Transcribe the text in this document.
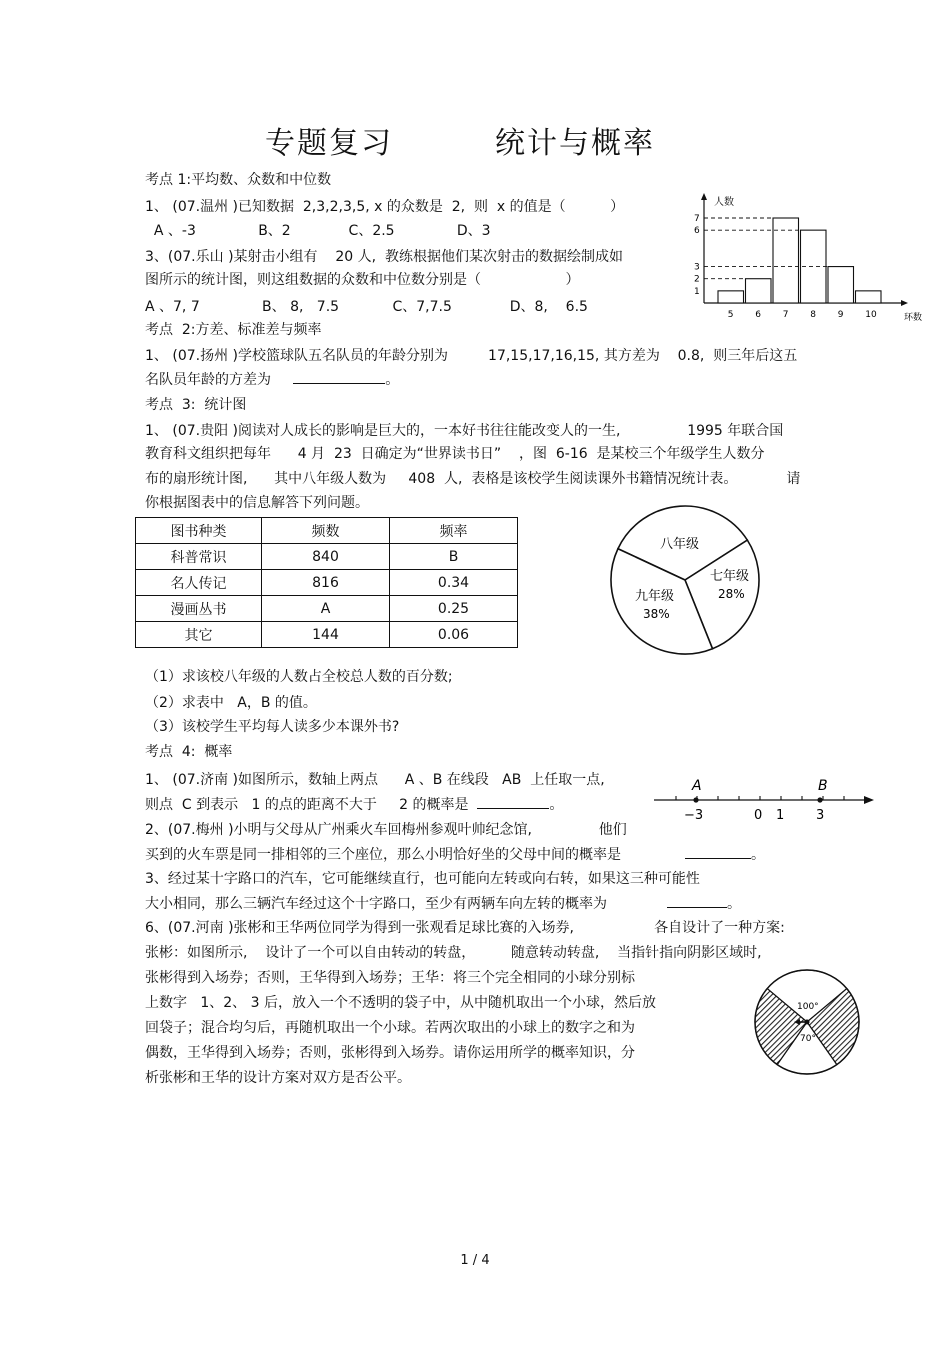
专题复习	统计与概率
考点 1:平均数、众数和中位数
1、 (07.温州 )已知数据  2,3,2,3,5, x 的众数是  2,  则  x 的值是（          ）
A 、-3              B、2             C、2.5              D、3
3、(07.乐山 )某射击小组有    20 人,  教练根据他们某次射击的数据绘制成如
图所示的统计图，则这组数据的众数和中位数分别是（                   ）
A 、7, 7              B、 8,   7.5            C、7,7.5             D、8,    6.5
人数
环数
5 6 7 8 9 10
1
2
3
6
7
考点  2:方差、标准差与频率
1、 (07.扬州 )学校篮球队五名队员的年龄分别为         17,15,17,16,15, 其方差为    0.8,  则三年后这五
名队员年龄的方差为	。
考点  3:  统计图
1、 (07.贵阳 )阅读对人成长的影响是巨大的，一本好书往往能改变人的一生,               1995 年联合国
教育科文组织把每年      4 月  23  日确定为“世界读书日”    ，图  6-16  是某校三个年级学生人数分
布的扇形统计图,      其中八年级人数为     408  人,  表格是该校学生阅读课外书籍情况统计表。           请
你根据图表中的信息解答下列问题。
图书种类	频数	频率
科普常识	840	B
名人传记	816	0.34
漫画丛书	A	0.25
其它	144	0.06
八年级
七年级
28%
九年级
38%
（1）求该校八年级的人数占全校总人数的百分数;
（2）求表中   A，B 的值。
（3）该校学生平均每人读多少本课外书?
考点  4:  概率
1、 (07.济南 )如图所示，数轴上两点      A 、B 在线段   AB  上任取一点,
则点  C 到表示   1 的点的距离不大于     2 的概率是	。
A	B
−3	0 1 3
2、(07.梅州 )小明与父母从广州乘火车回梅州参观叶帅纪念馆,               他们
买到的火车票是同一排相邻的三个座位，那么小明恰好坐的父母中间的概率是	。
3、经过某十字路口的汽车，它可能继续直行，也可能向左转或向右转，如果这三种可能性
大小相同，那么三辆汽车经过这个十字路口，至少有两辆车向左转的概率为	。
6、(07.河南 )张彬和王华两位同学为得到一张观看足球比赛的入场券,                  各自设计了一种方案:
张彬：如图所示,    设计了一个可以自由转动的转盘，        随意转动转盘,    当指针指向阴影区域时,
张彬得到入场券；否则，王华得到入场券；王华：将三个完全相同的小球分别标
上数字   1、2、 3 后，放入一个不透明的袋子中，从中随机取出一个小球，然后放
回袋子；混合均匀后，再随机取出一个小球。若两次取出的小球上的数字之和为
偶数，王华得到入场券；否则，张彬得到入场券。请你运用所学的概率知识，分
析张彬和王华的设计方案对双方是否公平。
100°
70°
1 / 4
